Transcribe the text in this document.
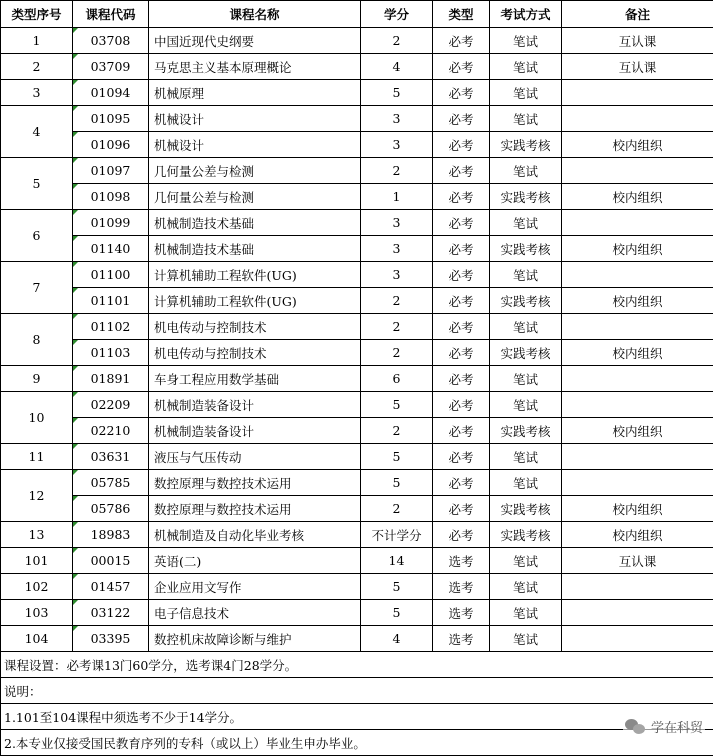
类型序号	课程代码	课程名称	学分	类型	考试方式	备注
1	03708	中国近现代史纲要	2	必考	笔试	互认课
2	03709	马克思主义基本原理概论	4	必考	笔试	互认课
3	01094	机械原理	5	必考	笔试	
4	01095	机械设计	3	必考	笔试	
	01096	机械设计	3	必考	实践考核	校内组织
5	01097	几何量公差与检测	2	必考	笔试	
	01098	几何量公差与检测	1	必考	实践考核	校内组织
6	01099	机械制造技术基础	3	必考	笔试	
	01140	机械制造技术基础	3	必考	实践考核	校内组织
7	01100	计算机辅助工程软件(UG)	3	必考	笔试	
	01101	计算机辅助工程软件(UG)	2	必考	实践考核	校内组织
8	01102	机电传动与控制技术	2	必考	笔试	
	01103	机电传动与控制技术	2	必考	实践考核	校内组织
9	01891	车身工程应用数学基础	6	必考	笔试	
10	02209	机械制造装备设计	5	必考	笔试	
	02210	机械制造装备设计	2	必考	实践考核	校内组织
11	03631	液压与气压传动	5	必考	笔试	
12	05785	数控原理与数控技术运用	5	必考	笔试	
	05786	数控原理与数控技术运用	2	必考	实践考核	校内组织
13	18983	机械制造及自动化毕业考核	不计学分	必考	实践考核	校内组织
101	00015	英语(二)	14	选考	笔试	互认课
102	01457	企业应用文写作	5	选考	笔试	
103	03122	电子信息技术	5	选考	笔试	
104	03395	数控机床故障诊断与维护	4	选考	笔试	
课程设置：必考课13门60学分，选考课4门28学分。						
说明：						
1.101至104课程中须选考不少于14学分。						
2.本专业仅接受国民教育序列的专科（或以上）毕业生申办毕业。						
学在科贸
